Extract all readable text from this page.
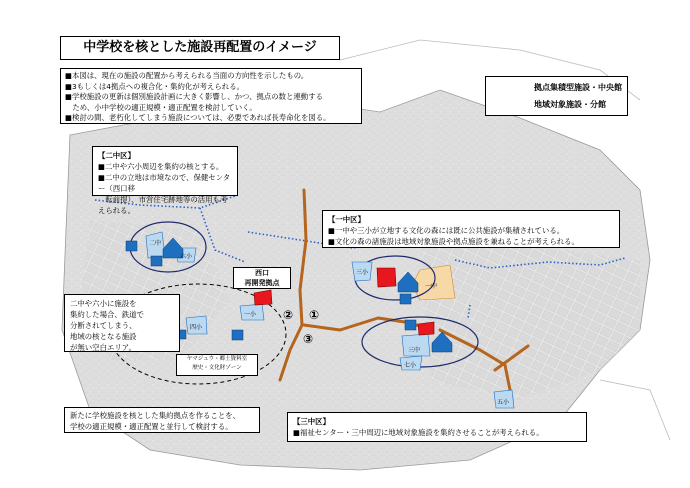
中学校を核とした施設再配置のイメージ
■本図は、現在の施設の配置から考えられる当面の方向性を示したもの。
■3もしくは4拠点への複合化・集約化が考えられる。
■学校施設の更新は個別施設計画に大きく影響し、かつ、拠点の数と連動する
　ため、小中学校の適正規模・適正配置を検討していく。
■検討の間、老朽化してしまう施設については、必要であれば長寿命化を図る。
拠点集積型施設・中央館
地域対象施設・分館
【二中区】
■二中や六小周辺を集約の核とする。
■二中の立地は市境なので、保健センター（西口移
　転前提）、市営住宅跡地等の活用も考えられる。
【一中区】
■一中や三小が立地する文化の森には既に公共施設が集積されている。
■文化の森の諸施設は地域対象施設や拠点施設を兼ねることが考えられる。
【三中区】
■福祉センター・三中周辺に地域対象施設を集約させることが考えられる。
二中や六小に施設を
集約した場合、鉄道で
分断されてしまう、
地域の核となる施設
が無い空白エリア。
新たに学校施設を核とした集約拠点を作ることを、
学校の適正規模・適正配置と並行して検討する。
西口
再開発拠点
ヤマジュウ・郷土資料室
歴史・文化財ゾーン
二中
六小
三小
一中
四小
一小
三中
七小
五小
①
②
③
